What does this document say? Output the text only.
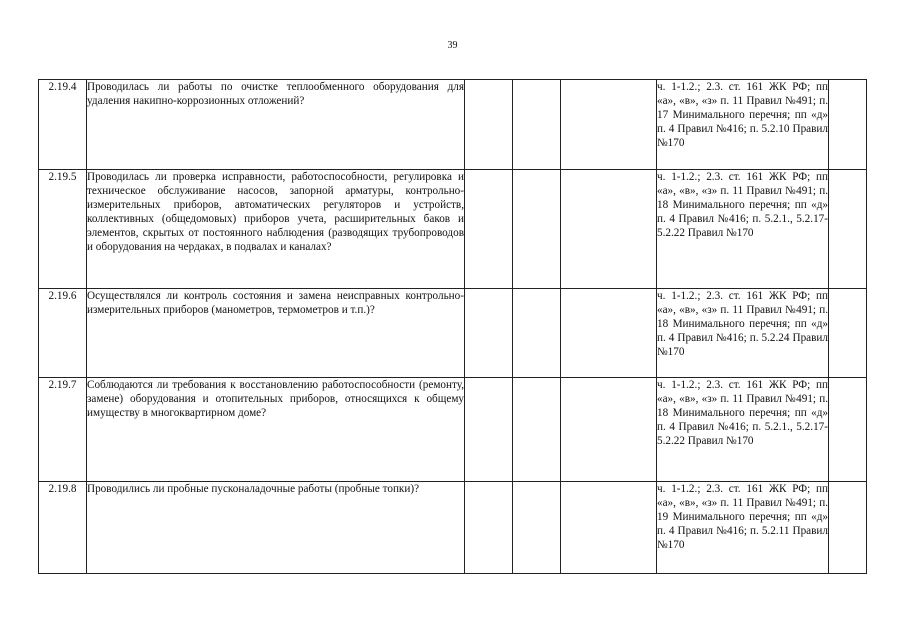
39
2.19.4	Проводилась ли работы по очистке теплообменного оборудования для удаления накипно-коррозионных отложений?				ч. 1-1.2.; 2.3. ст. 161 ЖК РФ; пп «а», «в», «з» п. 11 Правил №491; п. 17 Минимального перечня; пп «д» п. 4 Правил №416; п. 5.2.10 Правил №170	
2.19.5	Проводилась ли проверка исправности, работоспособности, регулировка и техническое обслуживание насосов, запорной арматуры, контрольно-измерительных приборов, автоматических регуляторов и устройств, коллективных (общедомовых) приборов учета, расширительных баков и элементов, скрытых от постоянного наблюдения (разводящих трубопроводов и оборудования на чердаках, в подвалах и каналах?				ч. 1-1.2.; 2.3. ст. 161 ЖК РФ; пп «а», «в», «з» п. 11 Правил №491; п. 18 Минимального перечня; пп «д» п. 4 Правил №416; п. 5.2.1., 5.2.17-5.2.22 Правил №170	
2.19.6	Осуществлялся ли контроль состояния и замена неисправных контрольно-измерительных приборов (манометров, термометров и т.п.)?				ч. 1-1.2.; 2.3. ст. 161 ЖК РФ; пп «а», «в», «з» п. 11 Правил №491; п. 18 Минимального перечня; пп «д» п. 4 Правил №416; п. 5.2.24 Правил №170	
2.19.7	Соблюдаются ли требования к восстановлению работоспособности (ремонту, замене) оборудования и отопительных приборов, относящихся к общему имуществу в многоквартирном доме?				ч. 1-1.2.; 2.3. ст. 161 ЖК РФ; пп «а», «в», «з» п. 11 Правил №491; п. 18 Минимального перечня; пп «д» п. 4 Правил №416; п. 5.2.1., 5.2.17-5.2.22 Правил №170	
2.19.8	Проводились ли пробные пусконаладочные работы (пробные топки)?				ч. 1-1.2.; 2.3. ст. 161 ЖК РФ; пп «а», «в», «з» п. 11 Правил №491; п. 19 Минимального перечня; пп «д» п. 4 Правил №416; п. 5.2.11 Правил №170	
